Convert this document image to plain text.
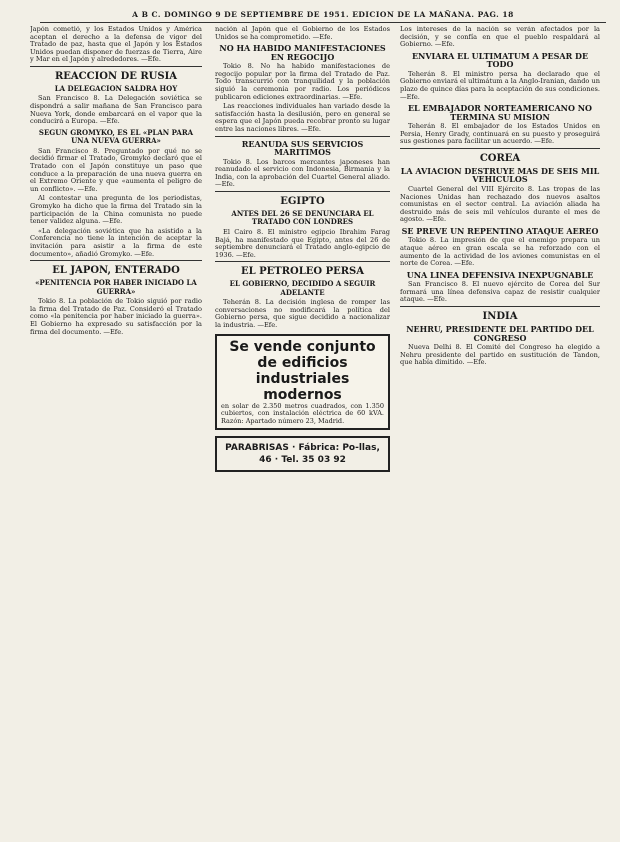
A B C. DOMINGO 9 DE SEPTIEMBRE DE 1951. EDICION DE LA MAÑANA. PAG. 18

Japón cometió, y los Estados Unidos y América aceptan el derecho a la defensa de vigor del Tratado de paz, hasta que el Japón y los Estados Unidos puedan disponer de fuerzas de Tierra, Aire y Mar en el Japón y alrededores. —Efe.

REACCION DE RUSIA
LA DELEGACION SALDRA HOY

San Francisco 8. La Delegación soviética se dispondrá a salir mañana de San Francisco para Nueva York, donde embarcará en el vapor que la conducirá a Europa. —Efe.

SEGUN GROMYKO, ES EL «PLAN PARA UNA NUEVA GUERRA»

San Francisco 8. Preguntado por qué no se decidió firmar el Tratado, Gromyko declaró que el Tratado con el Japón constituye un paso que conduce a la preparación de una nueva guerra en el Extremo Oriente y que «aumenta el peligro de un conflicto». —Efe.

Al contestar una pregunta de los periodistas, Gromyko ha dicho que la firma del Tratado sin la participación de la China comunista no puede tener validez alguna. —Efe.

«La delegación soviética que ha asistido a la Conferencia no tiene la intención de aceptar la invitación para asistir a la firma de este documento», añadió Gromyko. —Efe.

EL JAPON, ENTERADO
«PENITENCIA POR HABER INICIADO LA GUERRA»

Tokio 8. La población de Tokio siguió por radio la firma del Tratado de Paz. Consideró el Tratado como «la penitencia por haber iniciado la guerra». El Gobierno ha expresado su satisfacción por la firma del documento. —Efe.

nación al Japón que el Gobierno de los Estados Unidos se ha comprometido. —Efe.

NO HA HABIDO MANIFESTACIONES EN REGOCIJO

Tokio 8. No ha habido manifestaciones de regocijo popular por la firma del Tratado de Paz. Todo transcurrió con tranquilidad y la población siguió la ceremonia por radio. Los periódicos publicaron ediciones extraordinarias. —Efe.

Las reacciones individuales han variado desde la satisfacción hasta la desilusión, pero en general se espera que el Japón pueda recobrar pronto su lugar entre las naciones libres. —Efe.

REANUDA SUS SERVICIOS MARITIMOS

Tokio 8. Los barcos mercantes japoneses han reanudado el servicio con Indonesia, Birmania y la India, con la aprobación del Cuartel General aliado. —Efe.

EGIPTO
ANTES DEL 26 SE DENUNCIARA EL TRATADO CON LONDRES

El Cairo 8. El ministro egipcio Ibrahim Farag Bajá, ha manifestado que Egipto, antes del 26 de septiembre denunciará el Tratado anglo-egipcio de 1936. —Efe.

EL PETROLEO PERSA
EL GOBIERNO, DECIDIDO A SEGUIR ADELANTE

Teherán 8. La decisión inglesa de romper las conversaciones no modificará la política del Gobierno persa, que sigue decidido a nacionalizar la industria. —Efe.

Se vende conjunto de edificios industriales modernos
en solar de 2.350 metros cuadrados, con 1.350 cubiertos, con instalación eléctrica de 60 kVA. Razón: Apartado número 23, Madrid.
PARABRISAS · Fábrica: Po-llas, 46 · Tel. 35 03 92

Los intereses de la nación se verán afectados por la decisión, y se confía en que el pueblo respaldará al Gobierno. —Efe.

ENVIARA EL ULTIMATUM A PESAR DE TODO

Teherán 8. El ministro persa ha declarado que el Gobierno enviará el ultimátum a la Anglo-Iranian, dando un plazo de quince días para la aceptación de sus condiciones. —Efe.

EL EMBAJADOR NORTEAMERICANO NO TERMINA SU MISION

Teherán 8. El embajador de los Estados Unidos en Persia, Henry Grady, continuará en su puesto y proseguirá sus gestiones para facilitar un acuerdo. —Efe.

COREA
LA AVIACION DESTRUYE MAS DE SEIS MIL VEHICULOS

Cuartel General del VIII Ejército 8. Las tropas de las Naciones Unidas han rechazado dos nuevos asaltos comunistas en el sector central. La aviación aliada ha destruido más de seis mil vehículos durante el mes de agosto. —Efe.

SE PREVE UN REPENTINO ATAQUE AEREO

Tokio 8. La impresión de que el enemigo prepara un ataque aéreo en gran escala se ha reforzado con el aumento de la actividad de los aviones comunistas en el norte de Corea. —Efe.

UNA LINEA DEFENSIVA INEXPUGNABLE

San Francisco 8. El nuevo ejército de Corea del Sur formará una línea defensiva capaz de resistir cualquier ataque. —Efe.

INDIA
NEHRU, PRESIDENTE DEL PARTIDO DEL CONGRESO

Nueva Delhi 8. El Comité del Congreso ha elegido a Nehru presidente del partido en sustitución de Tandon, que había dimitido. —Efe.
